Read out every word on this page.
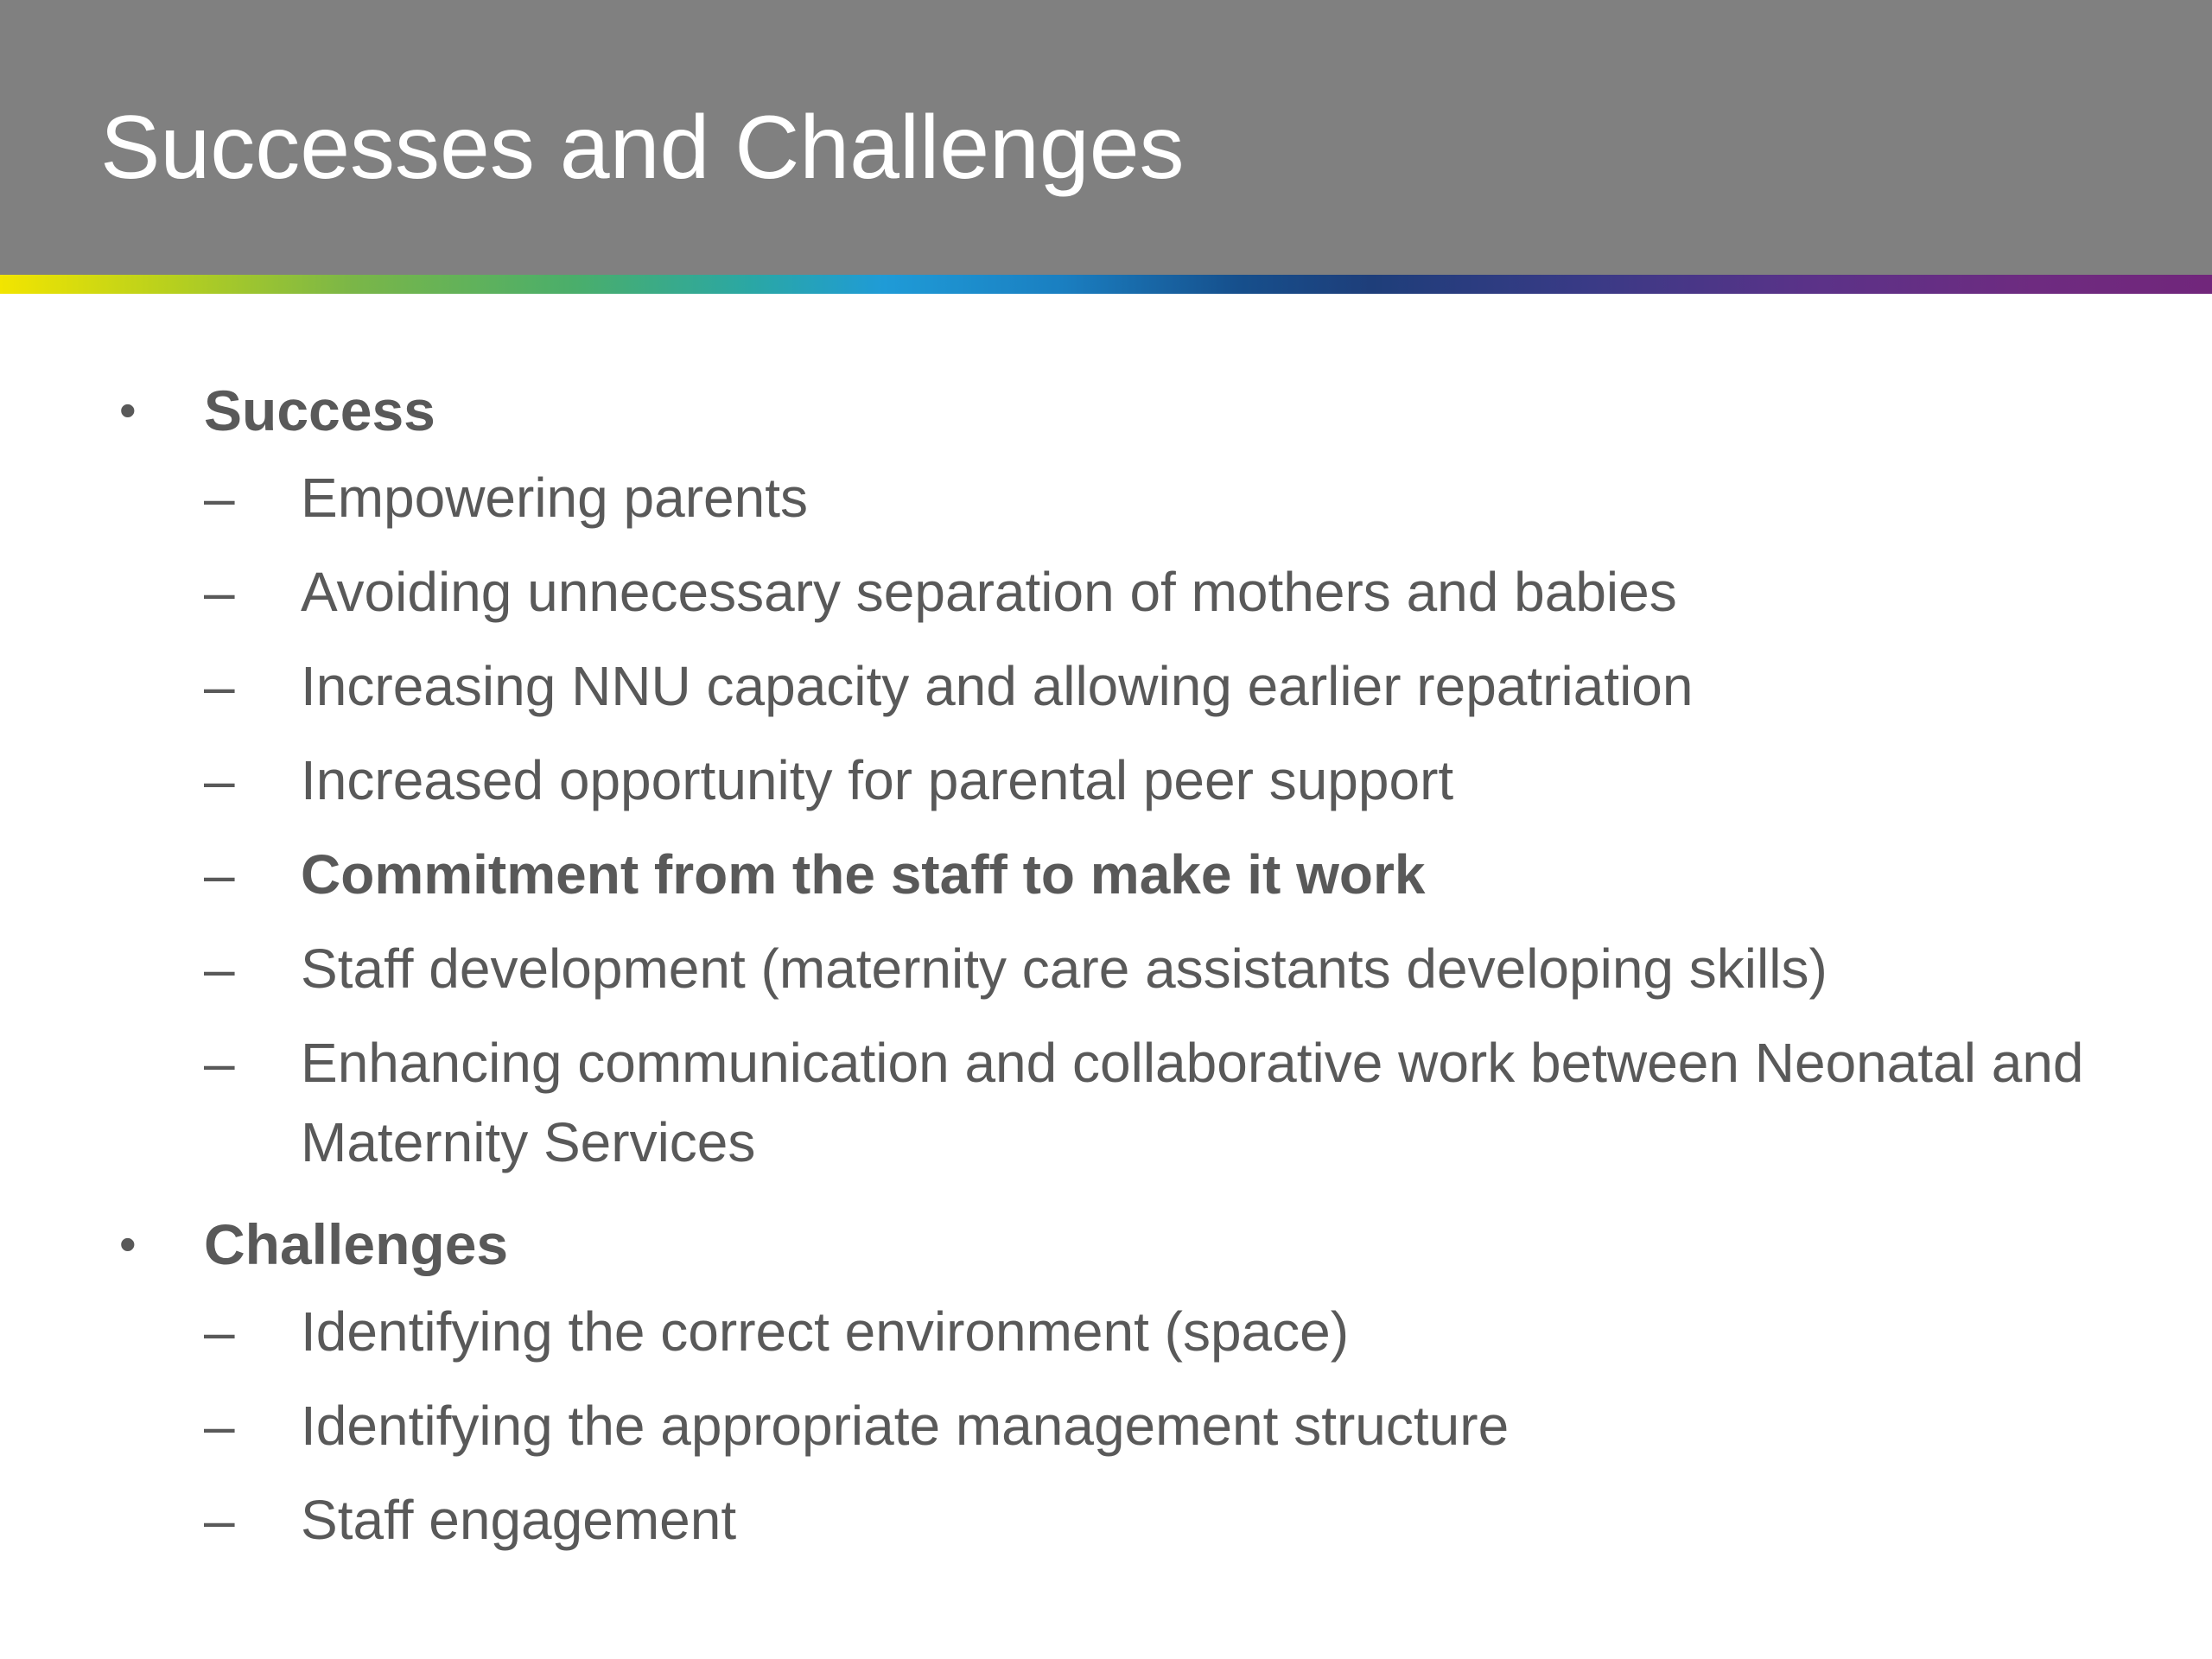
Successes and Challenges
• Success
– Empowering parents
– Avoiding unnecessary separation of mothers and babies
– Increasing NNU capacity and allowing earlier repatriation
– Increased opportunity for parental peer support
– Commitment from the staff to make it work
– Staff development (maternity care assistants developing skills)
– Enhancing communication and collaborative work between Neonatal and Maternity Services
• Challenges
– Identifying the correct environment (space)
– Identifying the appropriate management structure
– Staff engagement
